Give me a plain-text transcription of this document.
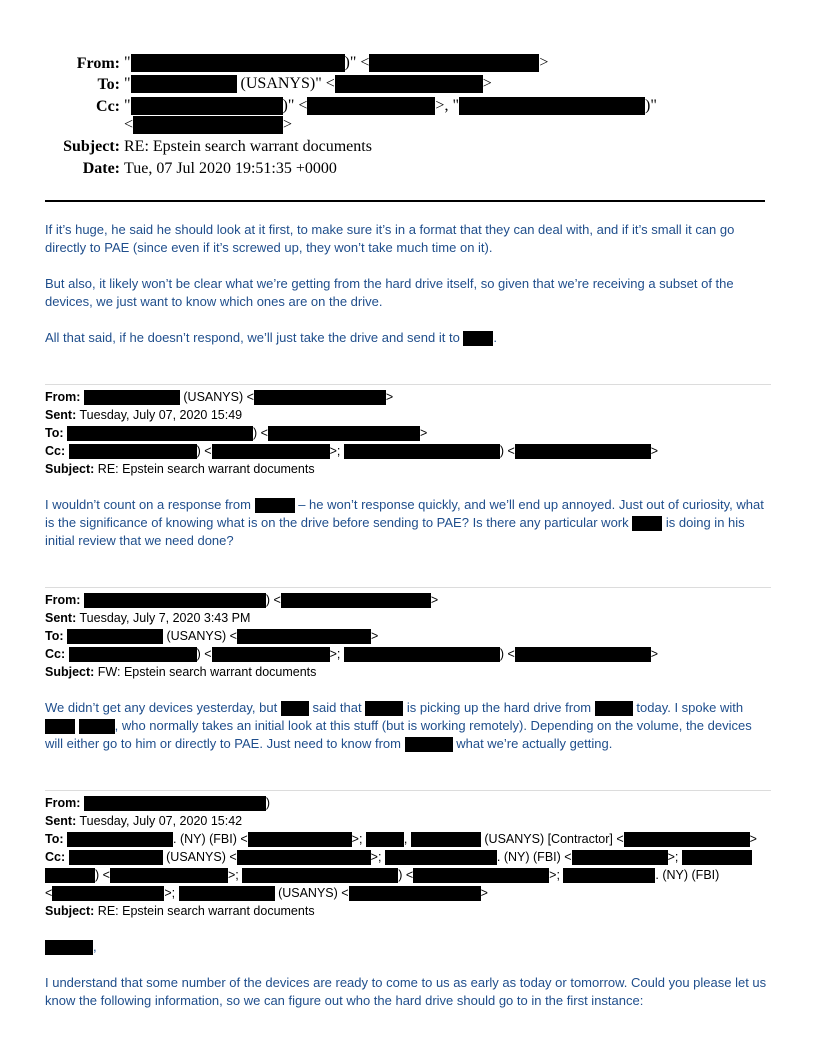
From: "	)" <	>
To: "	(USANYS)" <	>
Cc: "	)" <	>, "	)"
<	>
Subject: RE: Epstein search warrant documents
Date: Tue, 07 Jul 2020 19:51:35 +0000
If it’s huge, he said he should look at it first, to make sure it’s in a format that they can deal with, and if it’s small it can go directly to PAE (since even if it’s screwed up, they won’t take much time on it).
But also, it likely won’t be clear what we’re getting from the hard drive itself, so given that we’re receiving a subset of the devices, we just want to know which ones are on the drive.
All that said, if he doesn’t respond, we’ll just take the drive and send it to	.
From:	(USANYS) <	>
Sent: Tuesday, July 07, 2020 15:49
To:	) <	>
Cc:	) <	>;	) <	>
Subject: RE: Epstein search warrant documents
I wouldn’t count on a response from	– he won’t response quickly, and we’ll end up annoyed. Just out of curiosity, what is the significance of knowing what is on the drive before sending to PAE? Is there any particular work	is doing in his initial review that we need done?
From:	) <	>
Sent: Tuesday, July 7, 2020 3:43 PM
To:	(USANYS) <	>
Cc:	) <	>;	) <	>
Subject: FW: Epstein search warrant documents
We didn’t get any devices yesterday, but	said that	is picking up the hard drive from	today. I spoke with  , who normally takes an initial look at this stuff (but is working remotely). Depending on the volume, the devices will either go to him or directly to PAE. Just need to know from	what we’re actually getting.
From:	)
Sent: Tuesday, July 07, 2020 15:42
To:	. (NY) (FBI) <	>;	,	(USANYS) [Contractor] <	>
Cc:	(USANYS) <	>;	. (NY) (FBI) <	>;
) <	>;	) <	>;	. (NY) (FBI)
<	>;	(USANYS) <	>
Subject: RE: Epstein search warrant documents
,
I understand that some number of the devices are ready to come to us as early as today or tomorrow. Could you please let us know the following information, so we can figure out who the hard drive should go to in the first instance:
